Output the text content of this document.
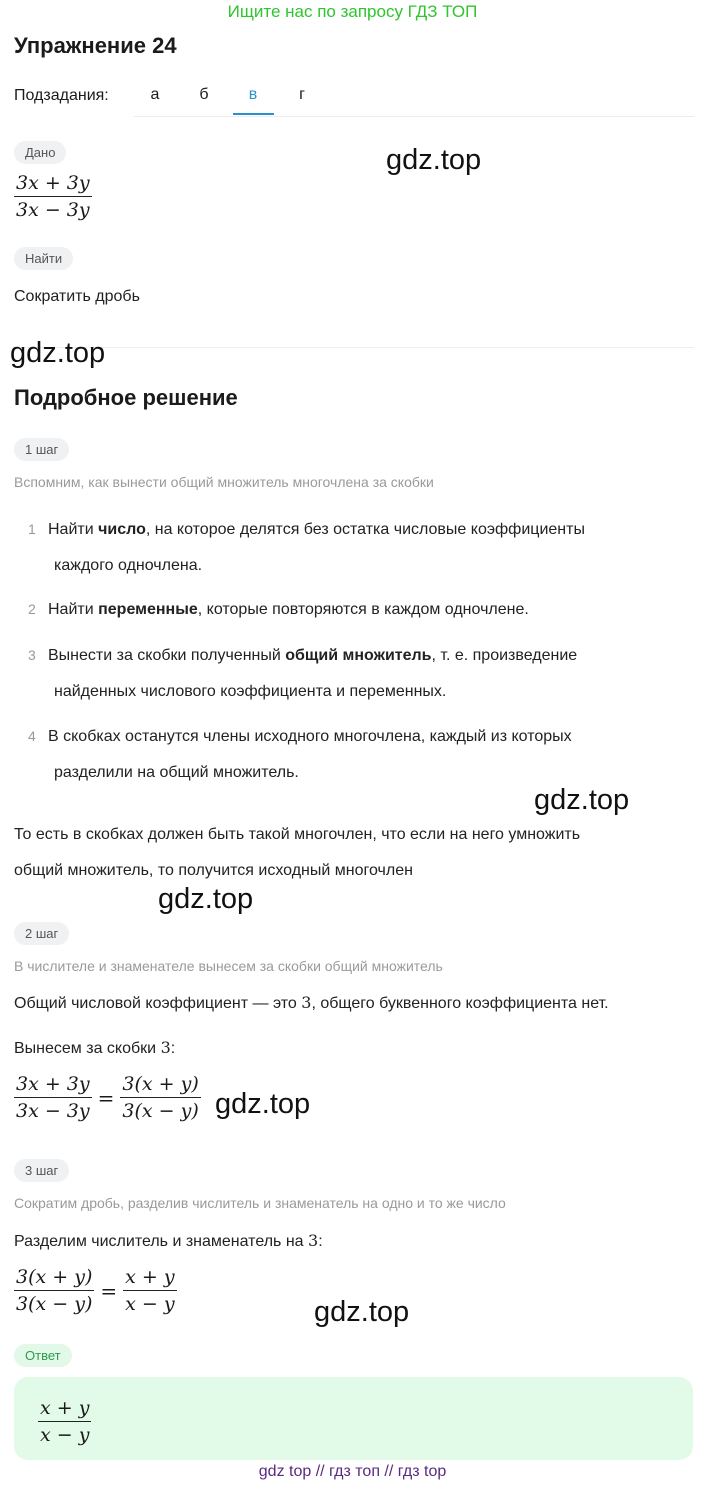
Ищите нас по запросу ГДЗ ТОП
Упражнение 24
Подзадания:	а	б	в	г
Дано
$\frac{3x + 3y}{3x - 3y}$
gdz.top
Найти
Сократить дробь
gdz.top
Подробное решение
1 шаг
Вспомним, как вынести общий множитель многочлена за скобки
1 Найти число, на которое делятся без остатка числовые коэффициенты
каждого одночлена.
2 Найти переменные, которые повторяются в каждом одночлене.
3 Вынести за скобки полученный общий множитель, т. е. произведение
найденных числового коэффициента и переменных.
4 В скобках останутся члены исходного многочлена, каждый из которых
разделили на общий множитель.
gdz.top
То есть в скобках должен быть такой многочлен, что если на него умножить
общий множитель, то получится исходный многочлен
gdz.top
2 шаг
В числителе и знаменателе вынесем за скобки общий множитель
Общий числовой коэффициент — это 3, общего буквенного коэффициента нет.
Вынесем за скобки 3:
$\frac{3x + 3y}{3x - 3y} = \frac{3(x + y)}{3(x - y)} gdz.top$
3 шаг
Сократим дробь, разделив числитель и знаменатель на одно и то же число
Разделим числитель и знаменатель на 3:
$\frac{3(x + y)}{3(x - y)} = \frac{x + y}{x - y}$	gdz.top
Ответ
$\frac{x + y}{x - y}$
gdz top // гдз топ // гдз top
